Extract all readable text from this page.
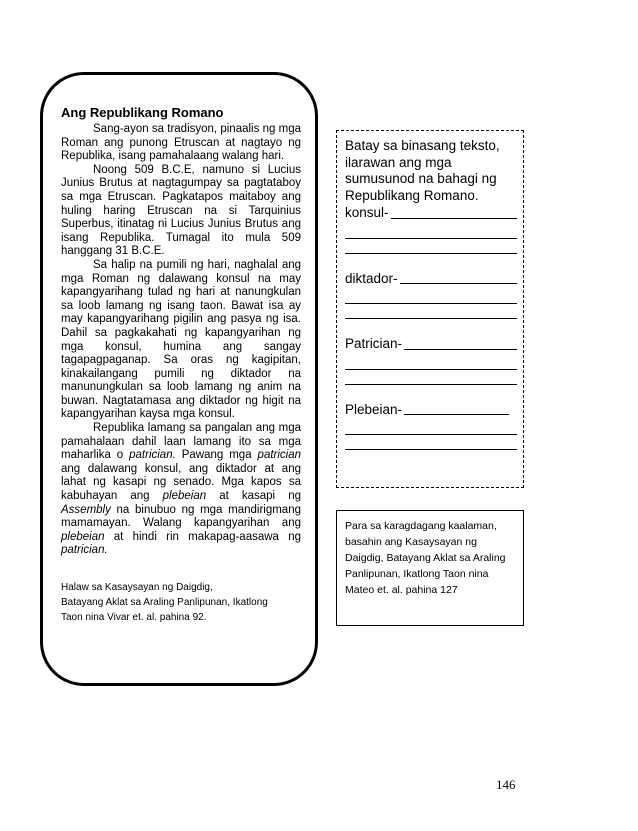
Ang Republikang Romano

Sang-ayon sa tradisyon, pinaalis ng mga Roman ang punong Etruscan at nagtayo ng Republika, isang pamahalaang walang hari.

Noong 509 B.C.E, namuno si Lucius Junius Brutus at nagtagumpay sa pagtataboy sa mga Etruscan. Pagkatapos maitaboy ang huling haring Etruscan na si Tarquinius Superbus, itinatag ni Lucius Junius Brutus ang isang Republika. Tumagal ito mula 509 hanggang 31 B.C.E.

Sa halip na pumili ng hari, naghalal ang mga Roman ng dalawang konsul na may kapangyarihang tulad ng hari at nanungkulan sa loob lamang ng isang taon. Bawat isa ay may kapangyarihang pigilin ang pasya ng isa. Dahil sa pagkakahati ng kapangyarihan ng mga konsul, humina ang sangay tagapagpaganap. Sa oras ng kagipitan, kinakailangang pumili ng diktador na manunungkulan sa loob lamang ng anim na buwan. Nagtatamasa ang diktador ng higit na kapangyarihan kaysa mga konsul.

Republika lamang sa pangalan ang mga pamahalaan dahil laan lamang ito sa mga maharlika o patrician. Pawang mga patrician ang dalawang konsul, ang diktador at ang lahat ng kasapi ng senado. Mga kapos sa kabuhayan ang plebeian at kasapi ng Assembly na binubuo ng mga mandirigmang mamamayan. Walang kapangyarihan ang plebeian at hindi rin makapag-aasawa ng patrician.

Halaw sa Kasaysayan ng Daigdig,
Batayang Aklat sa Araling Panlipunan, Ikatlong
Taon nina Vivar et. al. pahina 92.
Batay sa binasang teksto, ilarawan ang mga sumusunod na bahagi ng Republikang Romano.
konsul-
diktador-
Patrician-
Plebeian-
Para sa karagdagang kaalaman, basahin ang Kasaysayan ng Daigdig, Batayang Aklat sa Araling Panlipunan, Ikatlong Taon nina Mateo et. al. pahina 127
146
